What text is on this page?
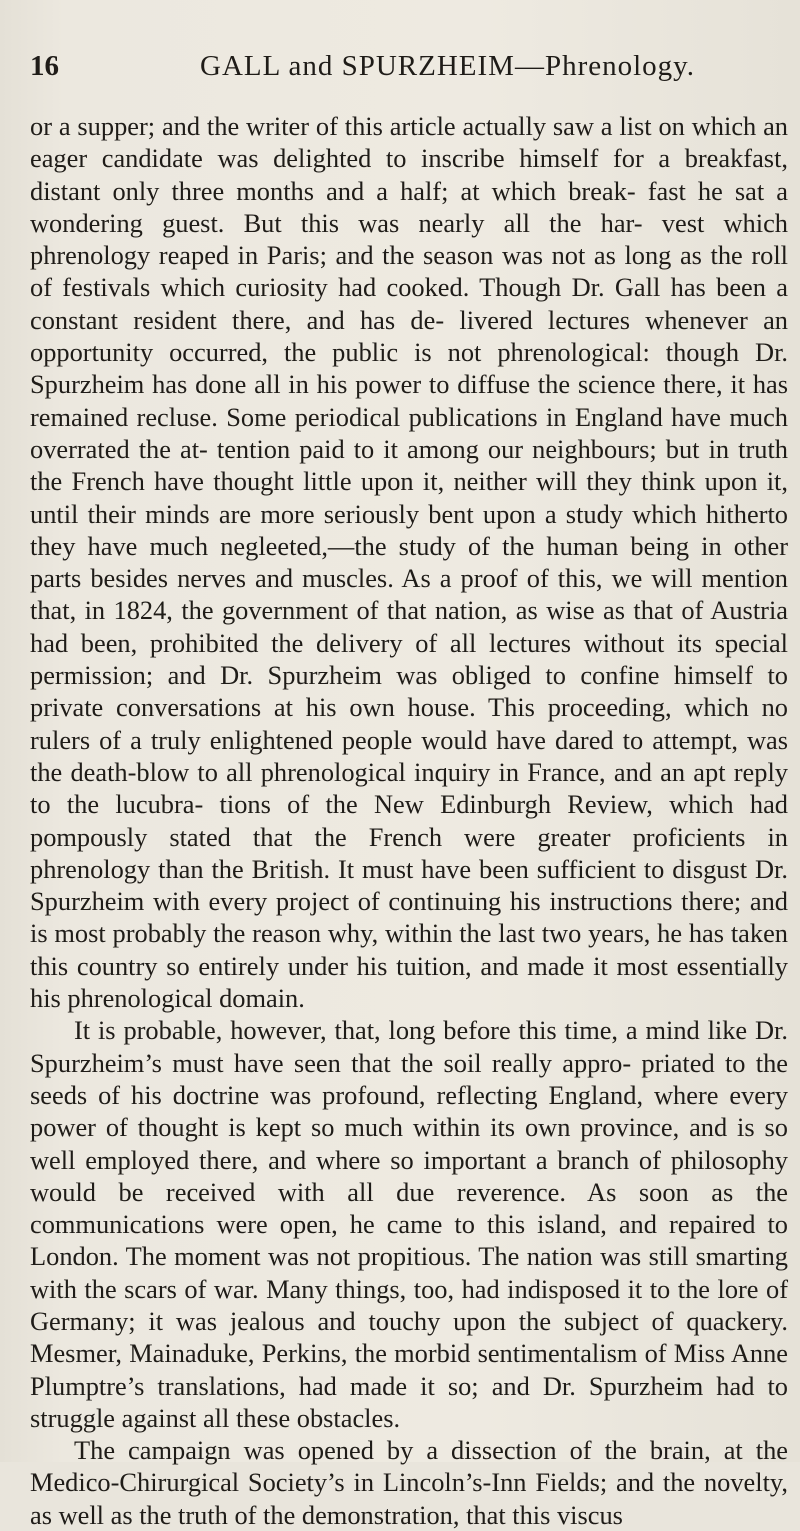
16	GALL and SPURZHEIM—Phrenology.

or a supper; and the writer of this article actually saw a list on which an eager candidate was delighted to inscribe himself for a breakfast, distant only three months and a half; at which break- fast he sat a wondering guest. But this was nearly all the har- vest which phrenology reaped in Paris; and the season was not as long as the roll of festivals which curiosity had cooked. Though Dr. Gall has been a constant resident there, and has de- livered lectures whenever an opportunity occurred, the public is not phrenological: though Dr. Spurzheim has done all in his power to diffuse the science there, it has remained recluse. Some periodical publications in England have much overrated the at- tention paid to it among our neighbours; but in truth the French have thought little upon it, neither will they think upon it, until their minds are more seriously bent upon a study which hitherto they have much negleeted,—the study of the human being in other parts besides nerves and muscles. As a proof of this, we will mention that, in 1824, the government of that nation, as wise as that of Austria had been, prohibited the delivery of all lectures without its special permission; and Dr. Spurzheim was obliged to confine himself to private conversations at his own house. This proceeding, which no rulers of a truly enlightened people would have dared to attempt, was the death-blow to all phrenological inquiry in France, and an apt reply to the lucubra- tions of the New Edinburgh Review, which had pompously stated that the French were greater proficients in phrenology than the British. It must have been sufficient to disgust Dr. Spurzheim with every project of continuing his instructions there; and is most probably the reason why, within the last two years, he has taken this country so entirely under his tuition, and made it most essentially his phrenological domain.

It is probable, however, that, long before this time, a mind like Dr. Spurzheim’s must have seen that the soil really appro- priated to the seeds of his doctrine was profound, reflecting England, where every power of thought is kept so much within its own province, and is so well employed there, and where so important a branch of philosophy would be received with all due reverence. As soon as the communications were open, he came to this island, and repaired to London. The moment was not propitious. The nation was still smarting with the scars of war. Many things, too, had indisposed it to the lore of Germany; it was jealous and touchy upon the subject of quackery. Mesmer, Mainaduke, Perkins, the morbid sentimentalism of Miss Anne Plumptre’s translations, had made it so; and Dr. Spurzheim had to struggle against all these obstacles.

The campaign was opened by a dissection of the brain, at the Medico-Chirurgical Society’s in Lincoln’s-Inn Fields; and the novelty, as well as the truth of the demonstration, that this viscus
